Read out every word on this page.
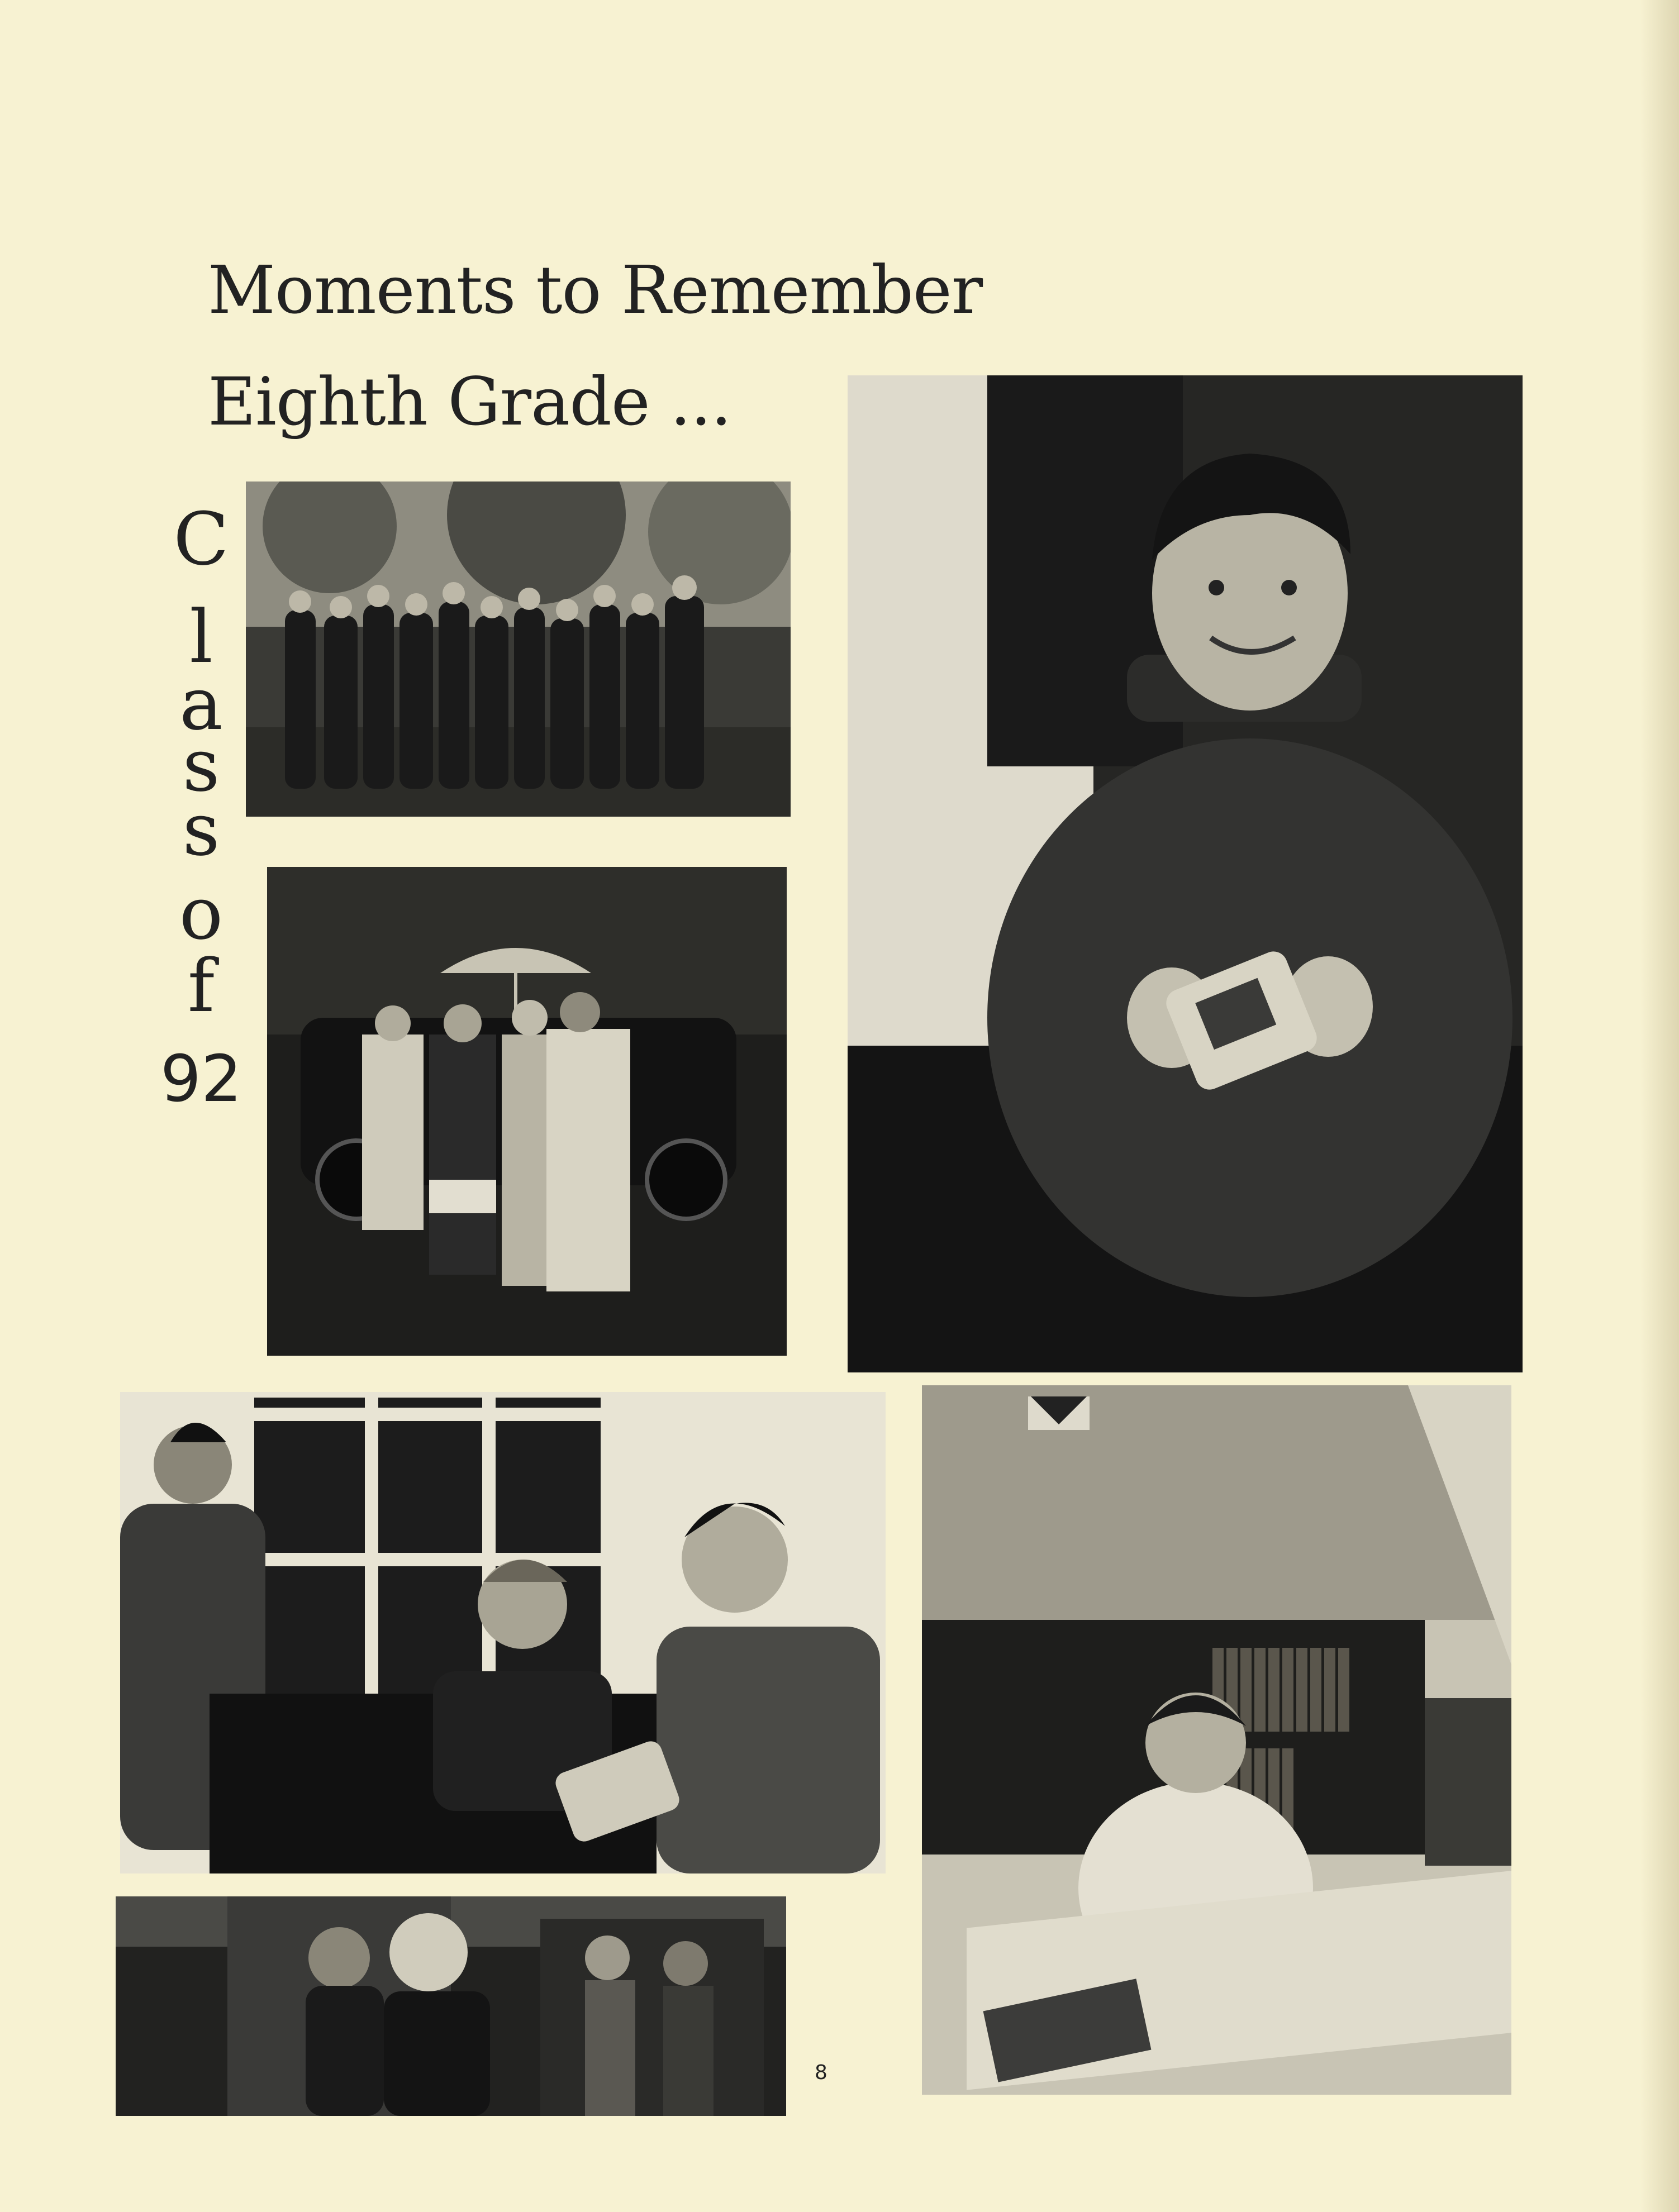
Moments to Remember
Eighth Grade ...
C
l
a
s
s
o
f
92
8
